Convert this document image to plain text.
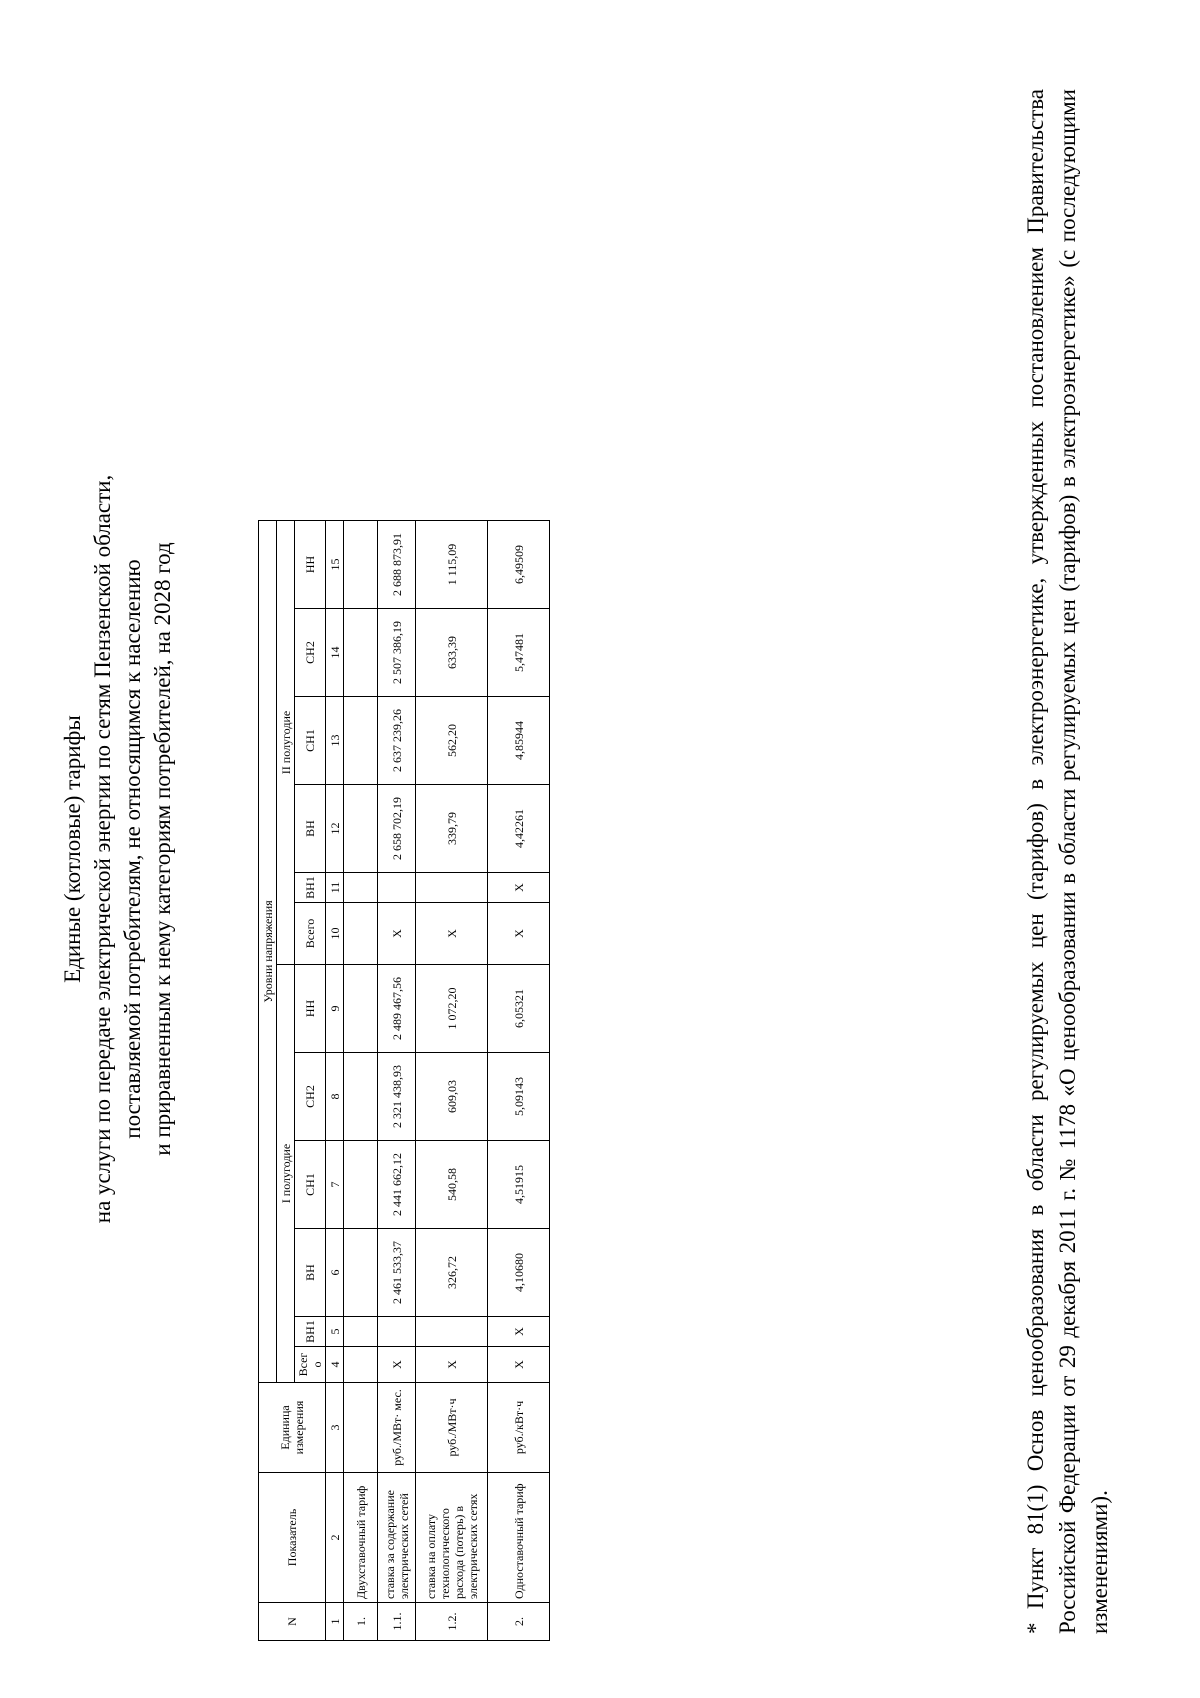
Единые (котловые) тарифы на услуги по передаче электрической энергии по сетям Пензенской области, поставляемой потребителям, не относящимся к населению и приравненным к нему категориям потребителей, на 2028 год
N	Показатель	Единица измерения	Уровни напряжения											
			I полугодие						II полугодие					
			Всег о	ВН1	ВН	СН1	СН2	НН	Всего	ВН1	ВН	СН1	СН2	НН
1	2	3	4	5	6	7	8	9	10	11	12	13	14	15
1.	Двухставочный тариф													
1.1.	ставка за содержание электрических сетей	руб./МВт· мес.	Х		2 461 533,37	2 441 662,12	2 321 438,93	2 489 467,56	Х		2 658 702,19	2 637 239,26	2 507 386,19	2 688 873,91
1.2.	ставка на оплату технологического расхода (потерь) в электрических сетях	руб./МВт·ч	Х		326,72	540,58	609,03	1 072,20	Х		339,79	562,20	633,39	1 115,09
2.	Одноставочный тариф	руб./кВт·ч	Х	Х	4,10680	4,51915	5,09143	6,05321	Х	Х	4,42261	4,85944	5,47481	6,49509	* Пункт 81(1) Основ ценообразования в области регулируемых цен (тарифов) в электроэнергетике, утвержденных постановлением Правительства Российской Федерации от 29 декабря 2011 г. № 1178 «О ценообразовании в области регулируемых цен (тарифов) в электроэнергетике» (с последующими изменениями).
